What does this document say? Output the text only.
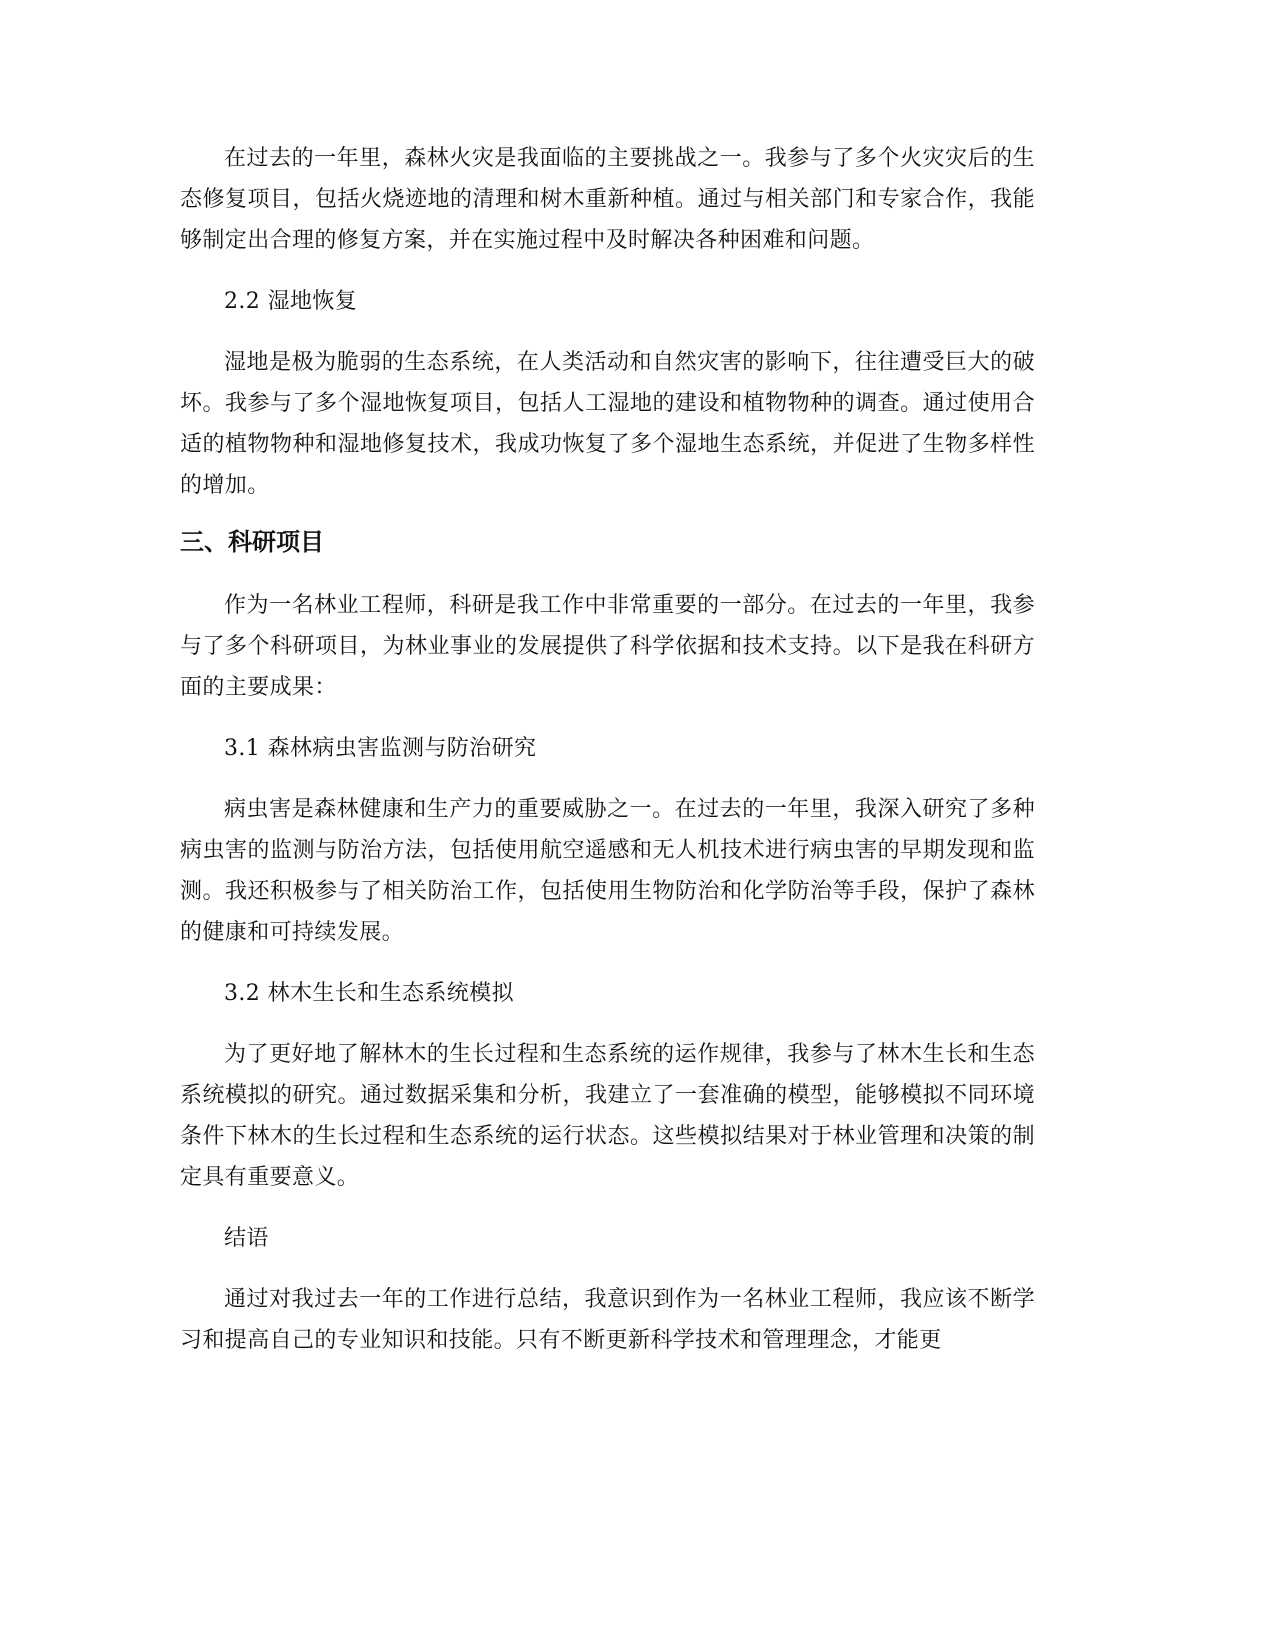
在过去的一年里，森林火灾是我面临的主要挑战之一。我参与了多个火灾灾后的生态修复项目，包括火烧迹地的清理和树木重新种植。通过与相关部门和专家合作，我能够制定出合理的修复方案，并在实施过程中及时解决各种困难和问题。

2.2 湿地恢复

湿地是极为脆弱的生态系统，在人类活动和自然灾害的影响下，往往遭受巨大的破坏。我参与了多个湿地恢复项目，包括人工湿地的建设和植物物种的调查。通过使用合适的植物物种和湿地修复技术，我成功恢复了多个湿地生态系统，并促进了生物多样性的增加。

三、科研项目

作为一名林业工程师，科研是我工作中非常重要的一部分。在过去的一年里，我参与了多个科研项目，为林业事业的发展提供了科学依据和技术支持。以下是我在科研方面的主要成果：

3.1 森林病虫害监测与防治研究

病虫害是森林健康和生产力的重要威胁之一。在过去的一年里，我深入研究了多种病虫害的监测与防治方法，包括使用航空遥感和无人机技术进行病虫害的早期发现和监测。我还积极参与了相关防治工作，包括使用生物防治和化学防治等手段，保护了森林的健康和可持续发展。

3.2 林木生长和生态系统模拟

为了更好地了解林木的生长过程和生态系统的运作规律，我参与了林木生长和生态系统模拟的研究。通过数据采集和分析，我建立了一套准确的模型，能够模拟不同环境条件下林木的生长过程和生态系统的运行状态。这些模拟结果对于林业管理和决策的制定具有重要意义。

结语

通过对我过去一年的工作进行总结，我意识到作为一名林业工程师，我应该不断学习和提高自己的专业知识和技能。只有不断更新科学技术和管理理念，才能更
